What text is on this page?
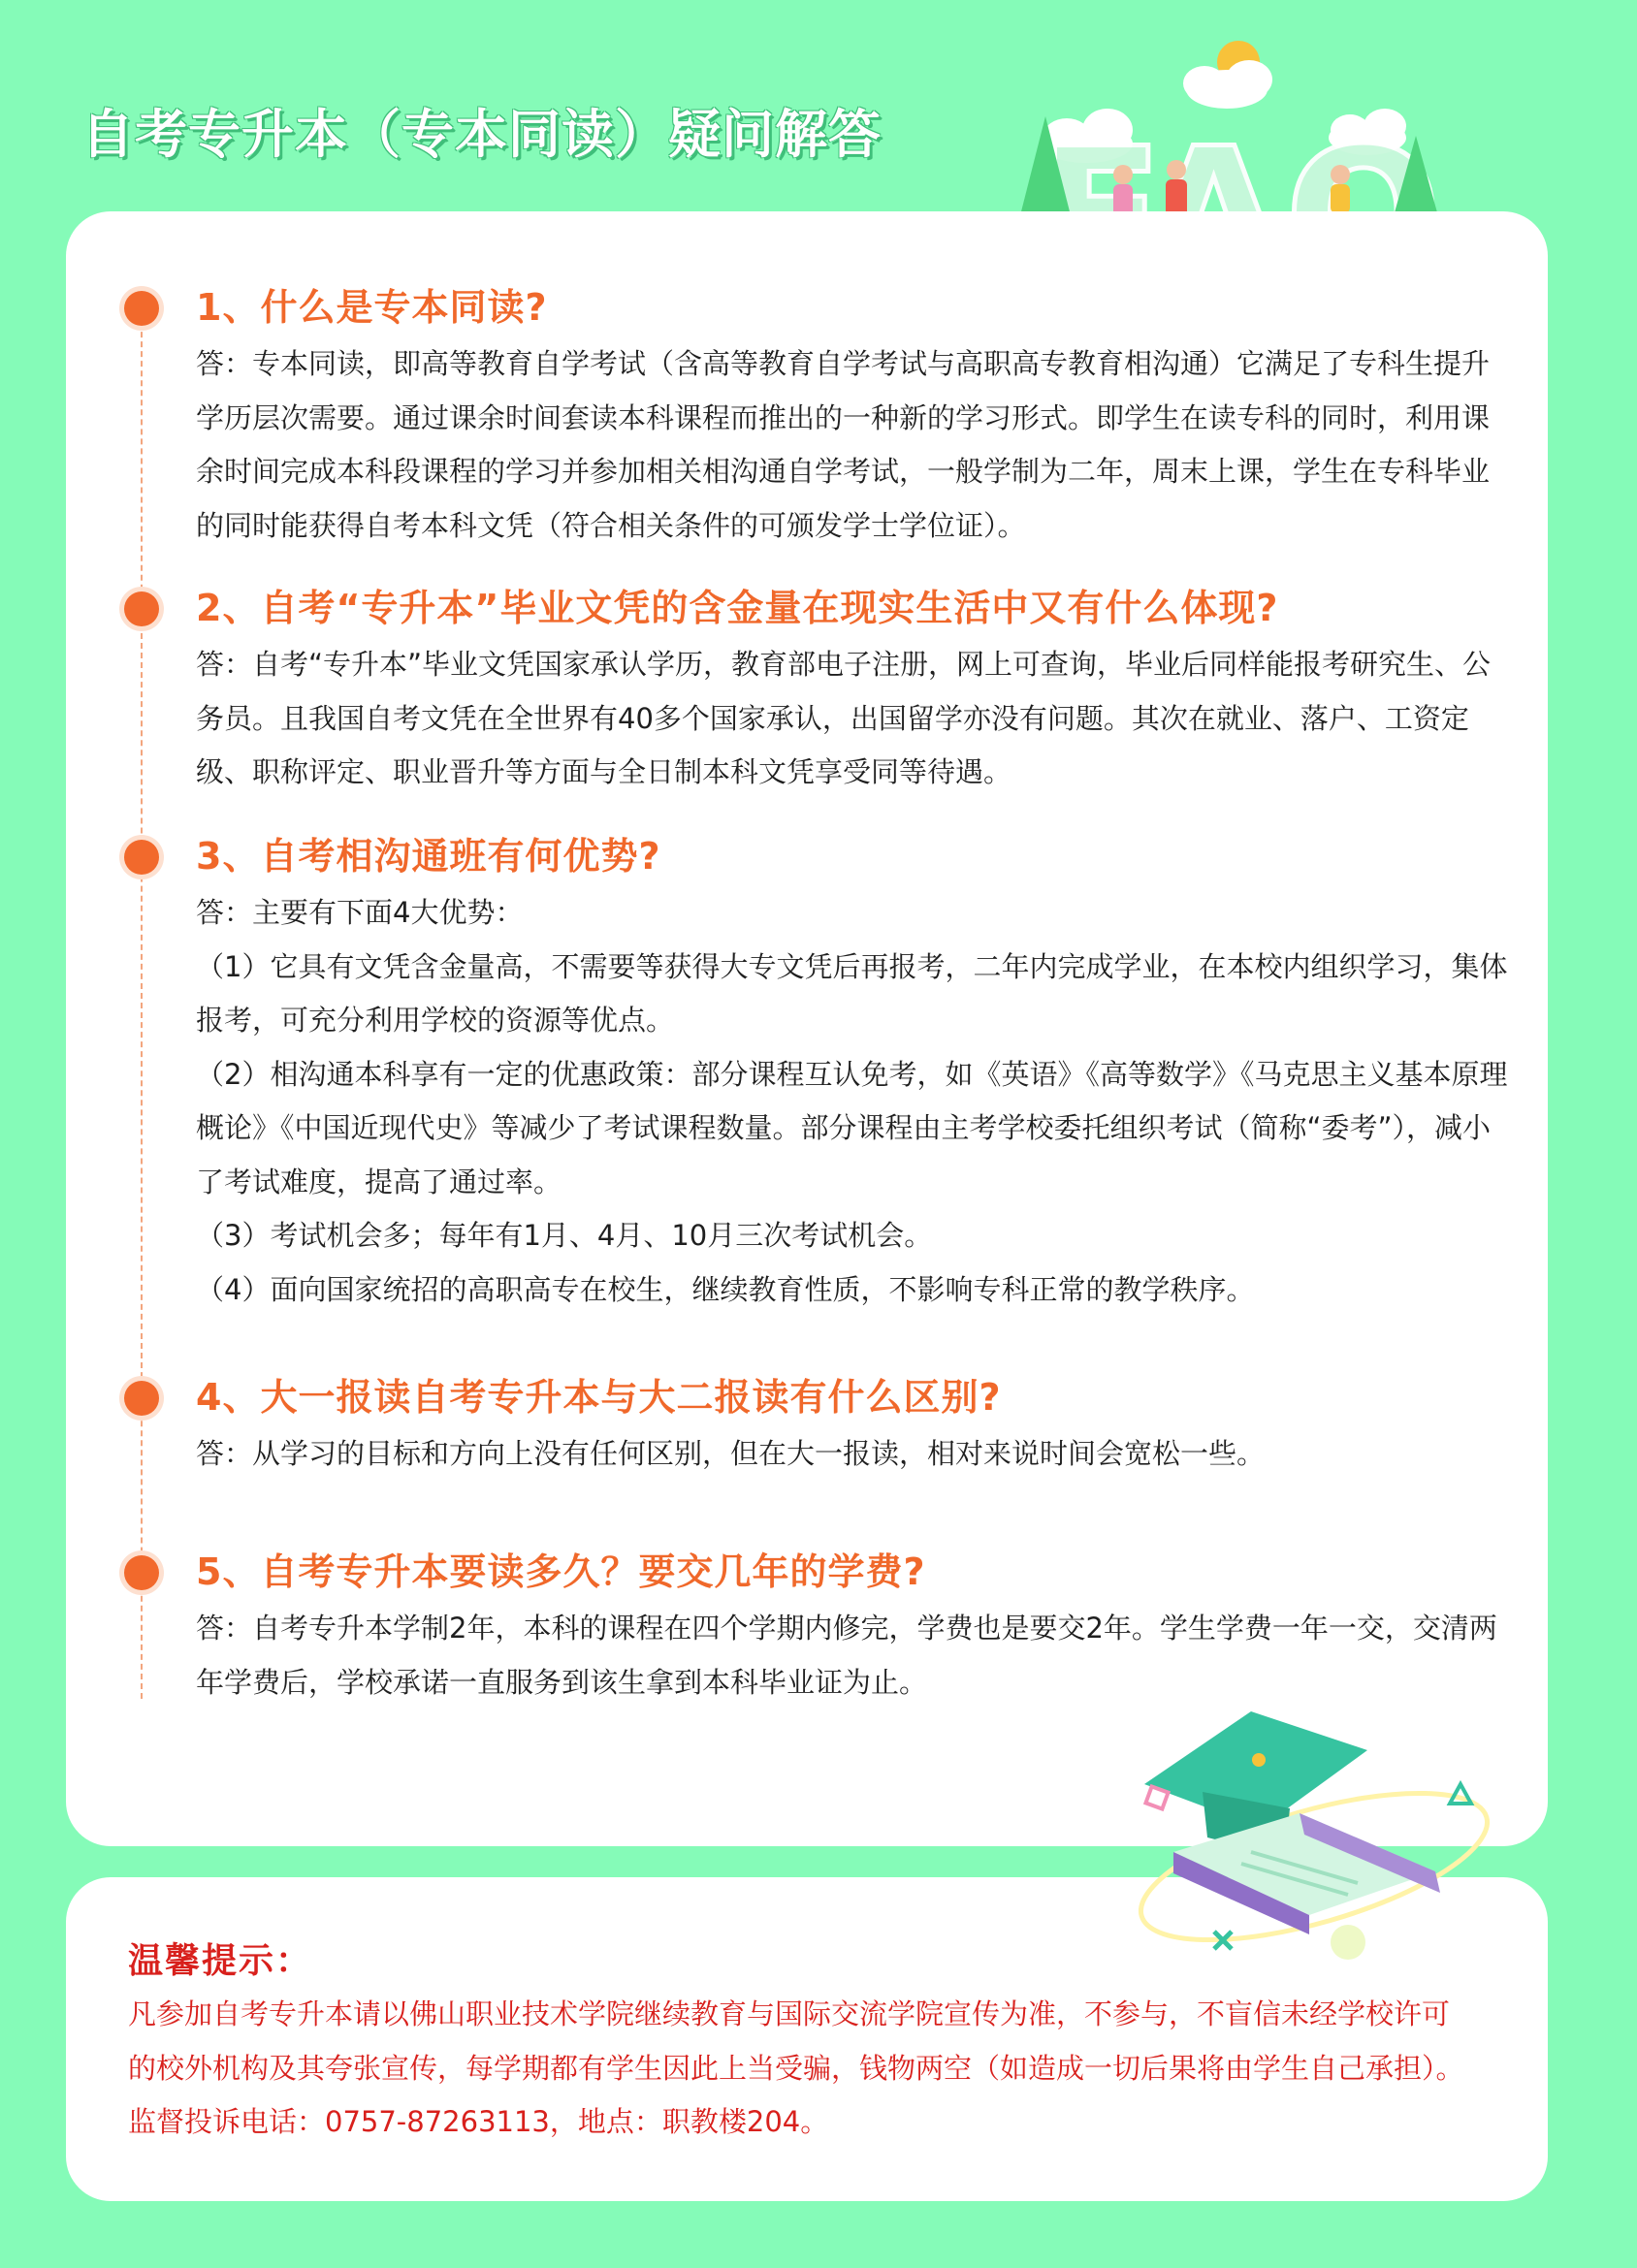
自考专升本（专本同读）疑问解答
1、什么是专本同读?

答：专本同读，即高等教育自学考试（含高等教育自学考试与高职高专教育相沟通）它满足了专科生提升学历层次需要。通过课余时间套读本科课程而推出的一种新的学习形式。即学生在读专科的同时，利用课余时间完成本科段课程的学习并参加相关相沟通自学考试，一般学制为二年，周末上课，学生在专科毕业的同时能获得自考本科文凭（符合相关条件的可颁发学士学位证）。

2、自考“专升本”毕业文凭的含金量在现实生活中又有什么体现?

答：自考“专升本”毕业文凭国家承认学历，教育部电子注册，网上可查询，毕业后同样能报考研究生、公务员。且我国自考文凭在全世界有40多个国家承认，出国留学亦没有问题。其次在就业、落户、工资定级、职称评定、职业晋升等方面与全日制本科文凭享受同等待遇。

3、自考相沟通班有何优势?

答：主要有下面4大优势：

（1）它具有文凭含金量高，不需要等获得大专文凭后再报考，二年内完成学业，在本校内组织学习，集体报考，可充分利用学校的资源等优点。

（2）相沟通本科享有一定的优惠政策：部分课程互认免考，如《英语》《高等数学》《马克思主义基本原理概论》《中国近现代史》等减少了考试课程数量。部分课程由主考学校委托组织考试（简称“委考”），减小了考试难度，提高了通过率。

（3）考试机会多；每年有1月、4月、10月三次考试机会。

（4）面向国家统招的高职高专在校生，继续教育性质，不影响专科正常的教学秩序。

4、大一报读自考专升本与大二报读有什么区别?

答：从学习的目标和方向上没有任何区别，但在大一报读，相对来说时间会宽松一些。

5、自考专升本要读多久？要交几年的学费?

答：自考专升本学制2年，本科的课程在四个学期内修完，学费也是要交2年。学生学费一年一交，交清两年学费后，学校承诺一直服务到该生拿到本科毕业证为止。

温馨提示：
凡参加自考专升本请以佛山职业技术学院继续教育与国际交流学院宣传为准，不参与，不盲信未经学校许可的校外机构及其夸张宣传，每学期都有学生因此上当受骗，钱物两空（如造成一切后果将由学生自己承担）。监督投诉电话：0757-87263113，地点：职教楼204。
